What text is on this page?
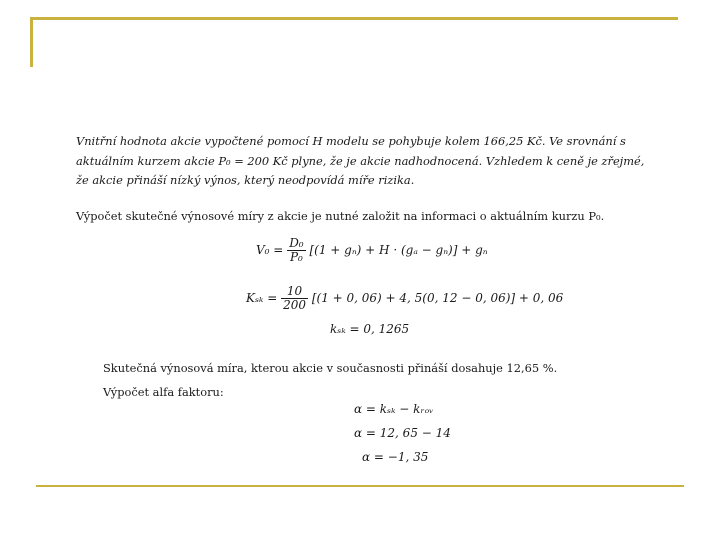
Vnitřní hodnota akcie vypočtené pomocí H modelu se pohybuje kolem 166,25 Kč. Ve srovnání s
aktuálním kurzem akcie P₀ = 200 Kč plyne, že je akcie nadhodnocená. Vzhledem k ceně je zřejmé,
že akcie přináší nízký výnos, který neodpovídá míře rizika.
Výpočet skutečné výnosové míry z akcie je nutné založit na informaci o aktuálním kurzu P₀.
$V_0 = \frac{\text{D₀}}{\text{P₀}} [(1 + g_n) + H \cdot (g_a - g_n)] + g_n$
$K_{sk} = \frac{10}{200} [(1 + 0$, 06) + 4, 5(0, 12 − 0, 06)] + 0, 06
kₛₖ = 0, 1265
Skutečná výnosová míra, kterou akcie v současnosti přináší dosahuje 12,65 %.
Výpočet alfa faktoru:
α = kₛₖ − kᵣₒᵥ
α = 12, 65 − 14
α = −1, 35
